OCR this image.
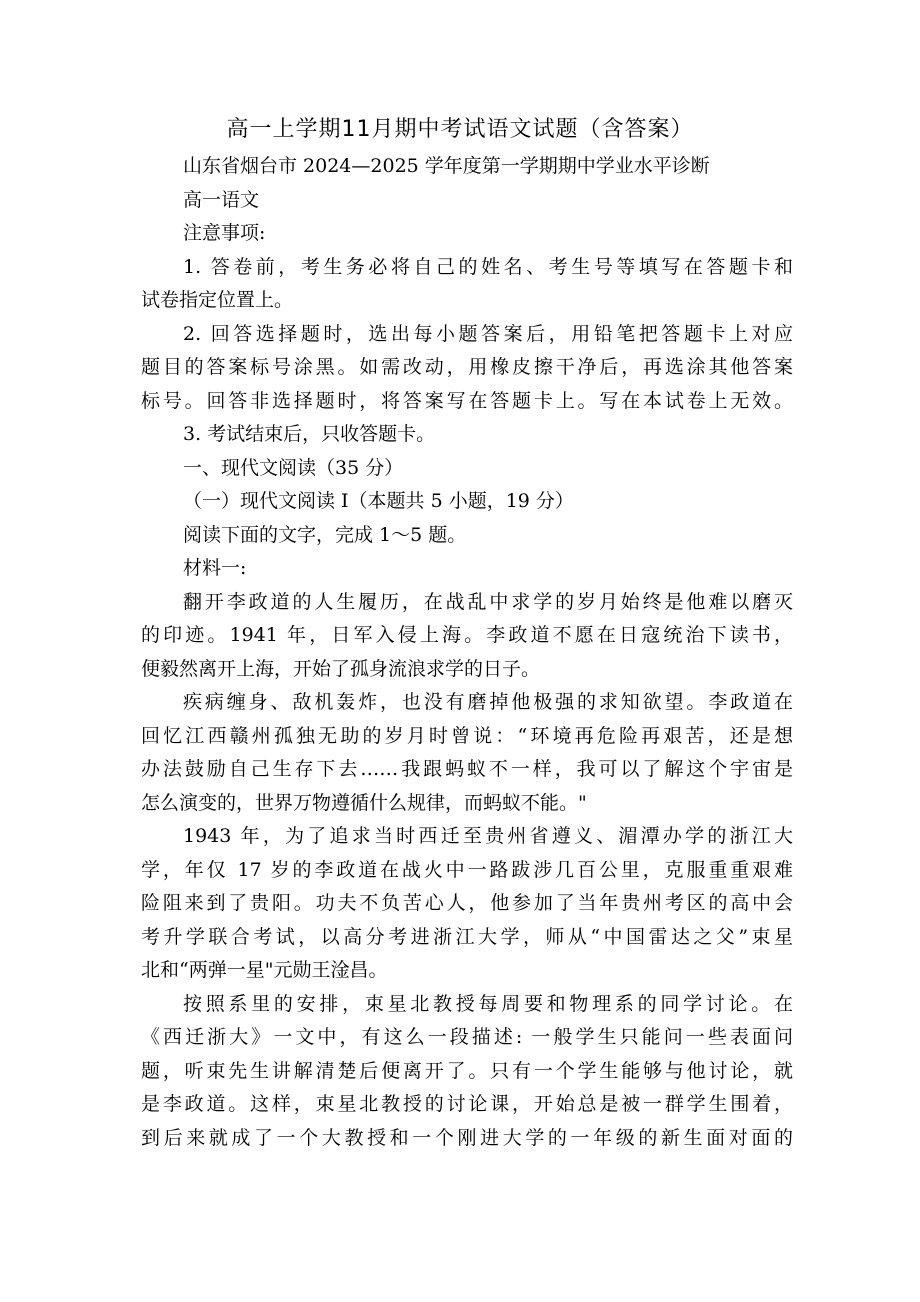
高一上学期11月期中考试语文试题（含答案）
山东省烟台市 2024—2025 学年度第一学期期中学业水平诊断
高一语文
注意事项:
1. 答卷前，考生务必将自己的姓名、考生号等填写在答题卡和
试卷指定位置上。
2. 回答选择题时，选出每小题答案后，用铅笔把答题卡上对应
题目的答案标号涂黑。如需改动，用橡皮擦干净后，再选涂其他答案
标号。回答非选择题时，将答案写在答题卡上。写在本试卷上无效。
3. 考试结束后，只收答题卡。
一、现代文阅读（35 分）
（一）现代文阅读 I（本题共 5 小题，19 分）
阅读下面的文字，完成 1～5 题。
材料一:
翻开李政道的人生履历，在战乱中求学的岁月始终是他难以磨灭
的印迹。1941 年，日军入侵上海。李政道不愿在日寇统治下读书，
便毅然离开上海，开始了孤身流浪求学的日子。
疾病缠身、敌机轰炸，也没有磨掉他极强的求知欲望。李政道在
回忆江西赣州孤独无助的岁月时曾说：“环境再危险再艰苦，还是想
办法鼓励自己生存下去……我跟蚂蚁不一样，我可以了解这个宇宙是
怎么演变的，世界万物遵循什么规律，而蚂蚁不能。"
1943 年，为了追求当时西迁至贵州省遵义、湄潭办学的浙江大
学，年仅 17 岁的李政道在战火中一路跋涉几百公里，克服重重艰难
险阻来到了贵阳。功夫不负苦心人，他参加了当年贵州考区的高中会
考升学联合考试，以高分考进浙江大学，师从“中国雷达之父”束星
北和“两弹一星"元勋王淦昌。
按照系里的安排，束星北教授每周要和物理系的同学讨论。在
《西迁浙大》一文中，有这么一段描述: 一般学生只能问一些表面问
题，听束先生讲解清楚后便离开了。只有一个学生能够与他讨论，就
是李政道。这样，束星北教授的讨论课，开始总是被一群学生围着，
到后来就成了一个大教授和一个刚进大学的一年级的新生面对面的
